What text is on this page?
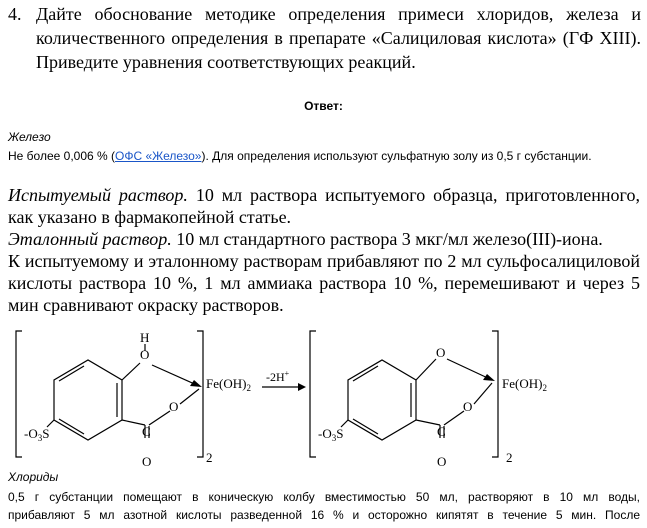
4. Дайте обоснование методике определения примеси хлоридов, железа и количественного определения в препарате «Салициловая кислота» (ГФ XIII). Приведите уравнения соответствующих реакций.
Ответ:
Железо
Не более 0,006 % (ОФС «Железо»). Для определения используют сульфатную золу из 0,5 г субстанции.
Испытуемый раствор. 10 мл раствора испытуемого образца, приготовленного, как указано в фармакопейной статье.
Эталонный раствор. 10 мл стандартного раствора 3 мкг/мл железо(III)-иона.
К испытуемому и эталонному растворам прибавляют по 2 мл сульфосалициловой кислоты раствора 10 %, 1 мл аммиака раствора 10 %, перемешивают и через 5 мин сравнивают окраску растворов.
H
O
O
C
O
$-O_3S$
2
$Fe(OH)_2$
-2H+
O
O
C
O
$-O_3S$
2
$Fe(OH)_2$
Хлориды
0,5 г субстанции помещают в коническую колбу вместимостью 50 мл, растворяют в 10 мл воды,
прибавляют 5 мл азотной кислоты разведенной 16 % и осторожно кипятят в течение 5 мин. После
